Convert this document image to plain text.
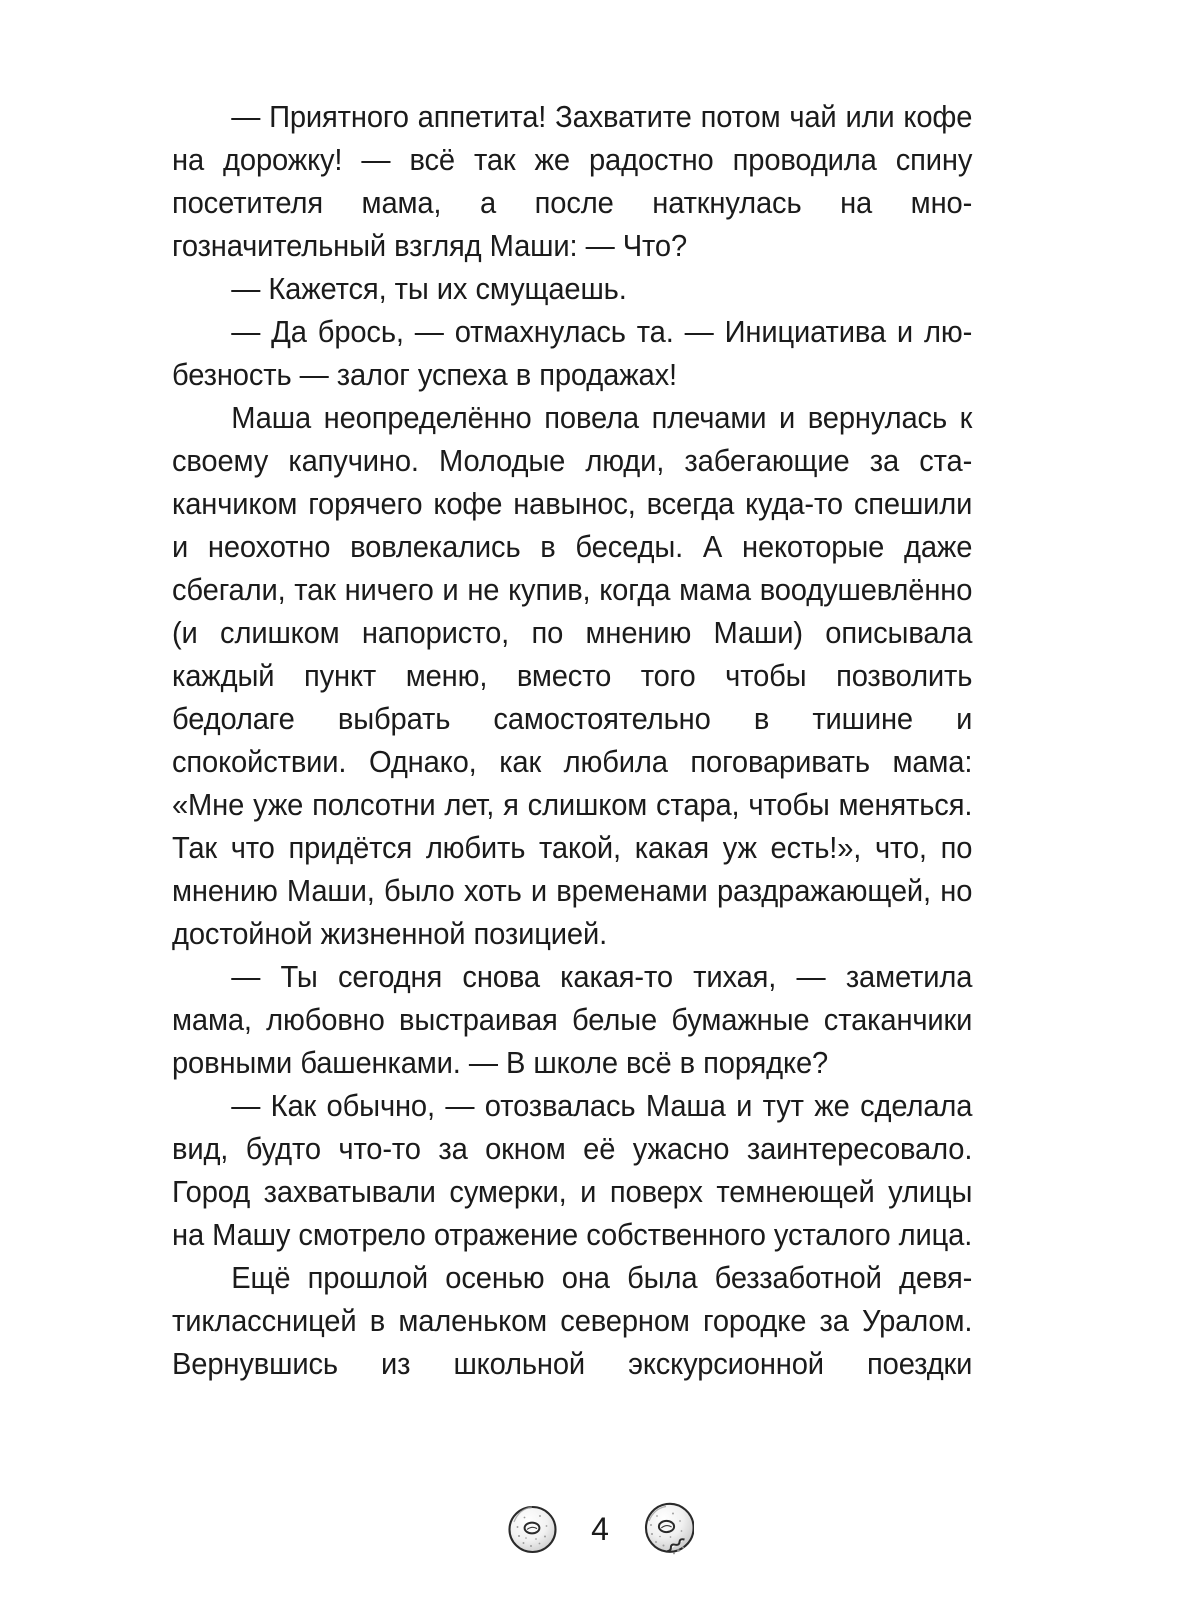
— Приятного аппетита! Захватите потом чай или кофе на дорожку! — всё так же радостно проводила спину посетителя мама, а после наткнулась на многозначительный взгляд Маши: — Что?

— Кажется, ты их смущаешь.

— Да брось, — отмахнулась та. — Инициатива и любезность — залог успеха в продажах!

Маша неопределённо повела плечами и вернулась к своему капучино. Молодые люди, забегающие за стаканчиком горячего кофе навынос, всегда куда-то спешили и неохотно вовлекались в беседы. А некоторые даже сбегали, так ничего и не купив, когда мама воодушевлённо (и слишком напористо, по мнению Маши) описывала каждый пункт меню, вместо того чтобы позволить бедолаге выбрать самостоятельно в тишине и спокойствии. Однако, как любила поговаривать мама: «Мне уже полсотни лет, я слишком стара, чтобы меняться. Так что придётся любить такой, какая уж есть!», что, по мнению Маши, было хоть и временами раздражающей, но достойной жизненной позицией.

— Ты сегодня снова какая-то тихая, — заметила мама, любовно выстраивая белые бумажные стаканчики ровными башенками. — В школе всё в порядке?

— Как обычно, — отозвалась Маша и тут же сделала вид, будто что-то за окном её ужасно заинтересовало. Город захватывали сумерки, и поверх темнеющей улицы на Машу смотрело отражение собственного усталого лица.

Ещё прошлой осенью она была беззаботной девятиклассницей в маленьком северном городке за Уралом. Вернувшись из школьной экскурсионной поездки

4
